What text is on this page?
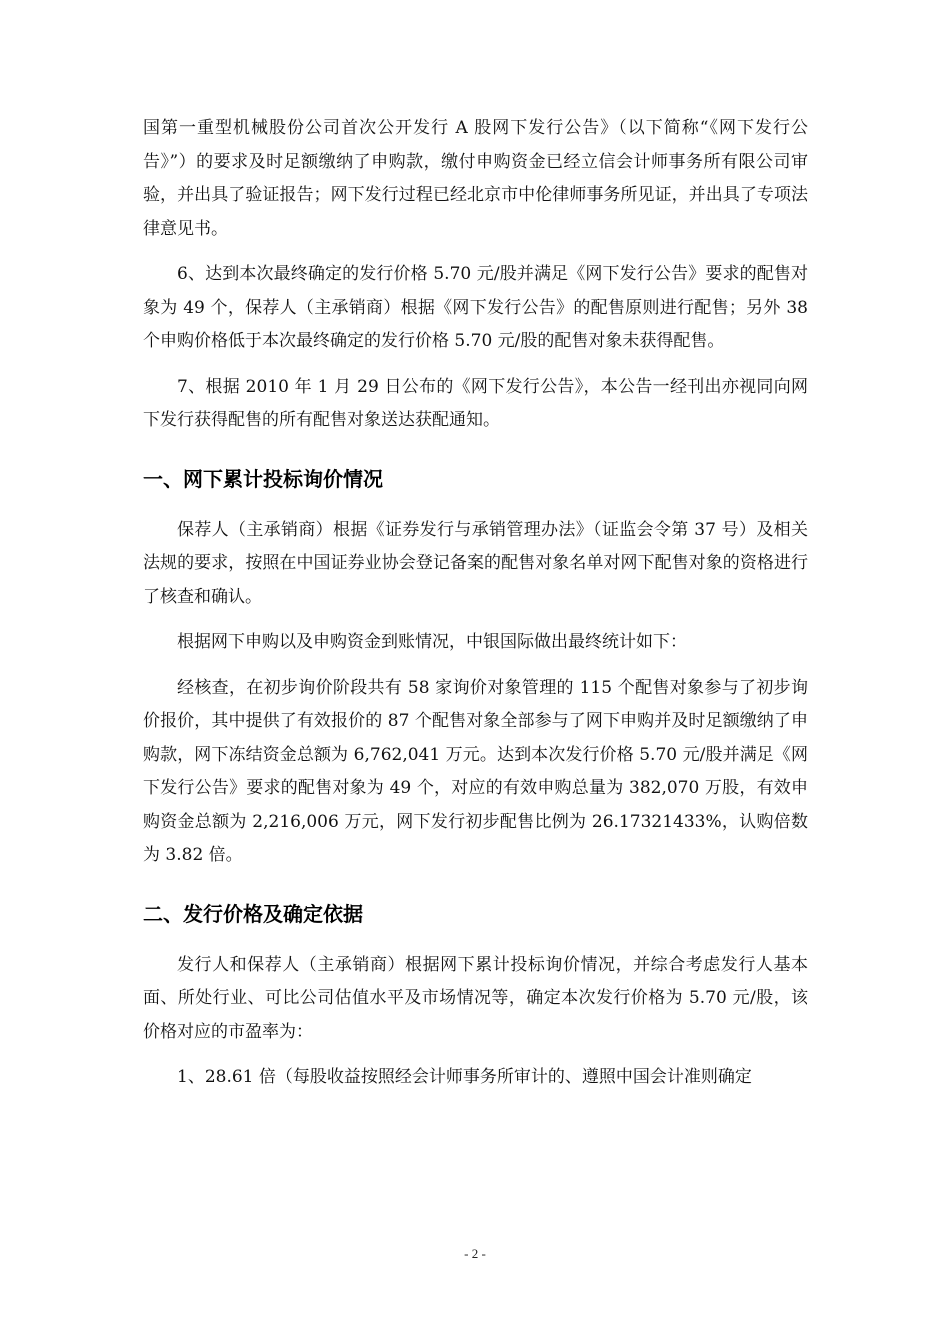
国第一重型机械股份公司首次公开发行 A 股网下发行公告》（以下简称“《网下发行公告》”）的要求及时足额缴纳了申购款，缴付申购资金已经立信会计师事务所有限公司审验，并出具了验证报告；网下发行过程已经北京市中伦律师事务所见证，并出具了专项法律意见书。

6、达到本次最终确定的发行价格 5.70 元/股并满足《网下发行公告》要求的配售对象为 49 个，保荐人（主承销商）根据《网下发行公告》的配售原则进行配售；另外 38 个申购价格低于本次最终确定的发行价格 5.70 元/股的配售对象未获得配售。

7、根据 2010 年 1 月 29 日公布的《网下发行公告》，本公告一经刊出亦视同向网下发行获得配售的所有配售对象送达获配通知。

一、网下累计投标询价情况

保荐人（主承销商）根据《证券发行与承销管理办法》（证监会令第 37 号）及相关法规的要求，按照在中国证券业协会登记备案的配售对象名单对网下配售对象的资格进行了核查和确认。

根据网下申购以及申购资金到账情况，中银国际做出最终统计如下：

经核查，在初步询价阶段共有 58 家询价对象管理的 115 个配售对象参与了初步询价报价，其中提供了有效报价的 87 个配售对象全部参与了网下申购并及时足额缴纳了申购款，网下冻结资金总额为 6,762,041 万元。达到本次发行价格 5.70 元/股并满足《网下发行公告》要求的配售对象为 49 个，对应的有效申购总量为 382,070 万股，有效申购资金总额为 2,216,006 万元，网下发行初步配售比例为 26.17321433%，认购倍数为 3.82 倍。

二、发行价格及确定依据

发行人和保荐人（主承销商）根据网下累计投标询价情况，并综合考虑发行人基本面、所处行业、可比公司估值水平及市场情况等，确定本次发行价格为 5.70 元/股，该价格对应的市盈率为：

1、28.61 倍（每股收益按照经会计师事务所审计的、遵照中国会计准则确定

- 2 -
